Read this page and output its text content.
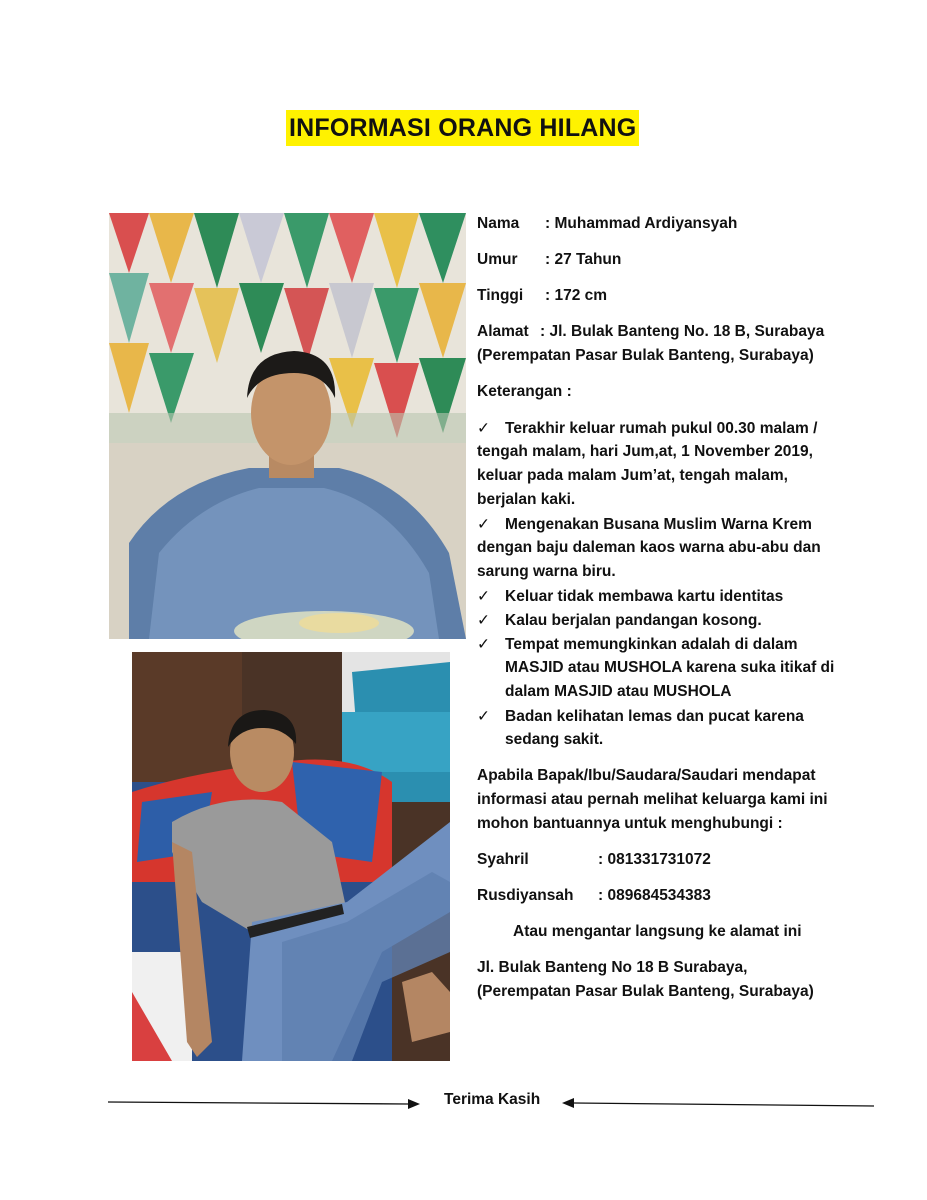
INFORMASI ORANG HILANG
Nama : Muhammad Ardiyansyah
Umur : 27 Tahun
Tinggi : 172 cm
Alamat : Jl. Bulak Banteng No. 18 B, Surabaya
(Perempatan Pasar Bulak Banteng, Surabaya)
Keterangan :
✓ Terakhir keluar rumah pukul 00.30 malam /
tengah malam, hari Jum,at, 1 November 2019,
keluar pada malam Jum’at, tengah malam,
berjalan kaki.
✓ Mengenakan Busana Muslim Warna Krem
dengan baju daleman kaos warna abu-abu dan
sarung warna biru.
✓ Keluar tidak membawa kartu identitas
✓ Kalau berjalan pandangan kosong.
✓ Tempat memungkinkan adalah di dalam
MASJID atau MUSHOLA karena suka itikaf di
dalam MASJID atau MUSHOLA
✓ Badan kelihatan lemas dan pucat karena
sedang sakit.
Apabila Bapak/Ibu/Saudara/Saudari mendapat
informasi atau pernah melihat keluarga kami ini
mohon bantuannya untuk menghubungi :
Syahril	: 081331731072
Rusdiyansah : 089684534383
Atau mengantar langsung ke alamat ini
Jl. Bulak Banteng No 18 B Surabaya,
(Perempatan Pasar Bulak Banteng, Surabaya)
Terima Kasih
